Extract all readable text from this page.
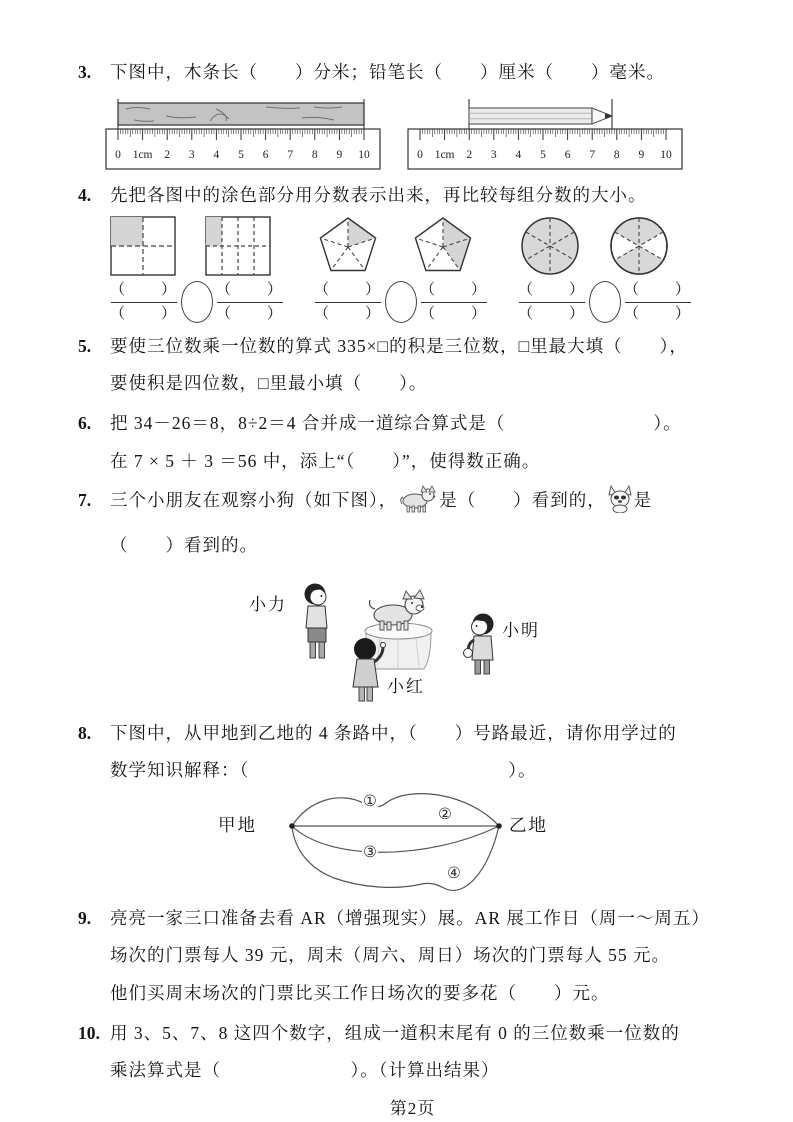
3.	下图中，木条长（　　）分米；铅笔长（　　）厘米（　　）毫米。
0 1cm 2 3 4 5 6 7 8 9 10	0 1cm 2 3 4 5 6 7 8 9 10
4.	先把各图中的涂色部分用分数表示出来，再比较每组分数的大小。
$\frac{( )}{( )}$	$\frac{( )}{( )} \frac{( )}{( )}$	$\frac{( )}{( )} \frac{( )}{( )}$	$\frac{( )}{( )}$
5.	要使三位数乘一位数的算式 335×□的积是三位数，□里最大填（　　），
要使积是四位数，□里最小填（　　）。
6.	把 34－26＝8，8÷2＝4 合并成一道综合算式是（　　　　　　　　）。
在 7 × 5 ＋ 3 ＝56 中，添上“（　　）”，使得数正确。
7.	三个小朋友在观察小狗（如下图）， 是（　　）看到的， 是
（　　）看到的。
小力
小红
小明
8.	下图中，从甲地到乙地的 4 条路中，（　　）号路最近，请你用学过的
数学知识解释：（　　　　　　　　　　　　　　）。
甲地	乙地
①
②
③
④
9.	亮亮一家三口准备去看 AR（增强现实）展。AR 展工作日（周一～周五）
场次的门票每人 39 元，周末（周六、周日）场次的门票每人 55 元。
他们买周末场次的门票比买工作日场次的要多花（　　）元。
10. 用 3、5、7、8 这四个数字，组成一道积末尾有 0 的三位数乘一位数的
乘法算式是（　　　　　　　）。（计算出结果）
第2页
